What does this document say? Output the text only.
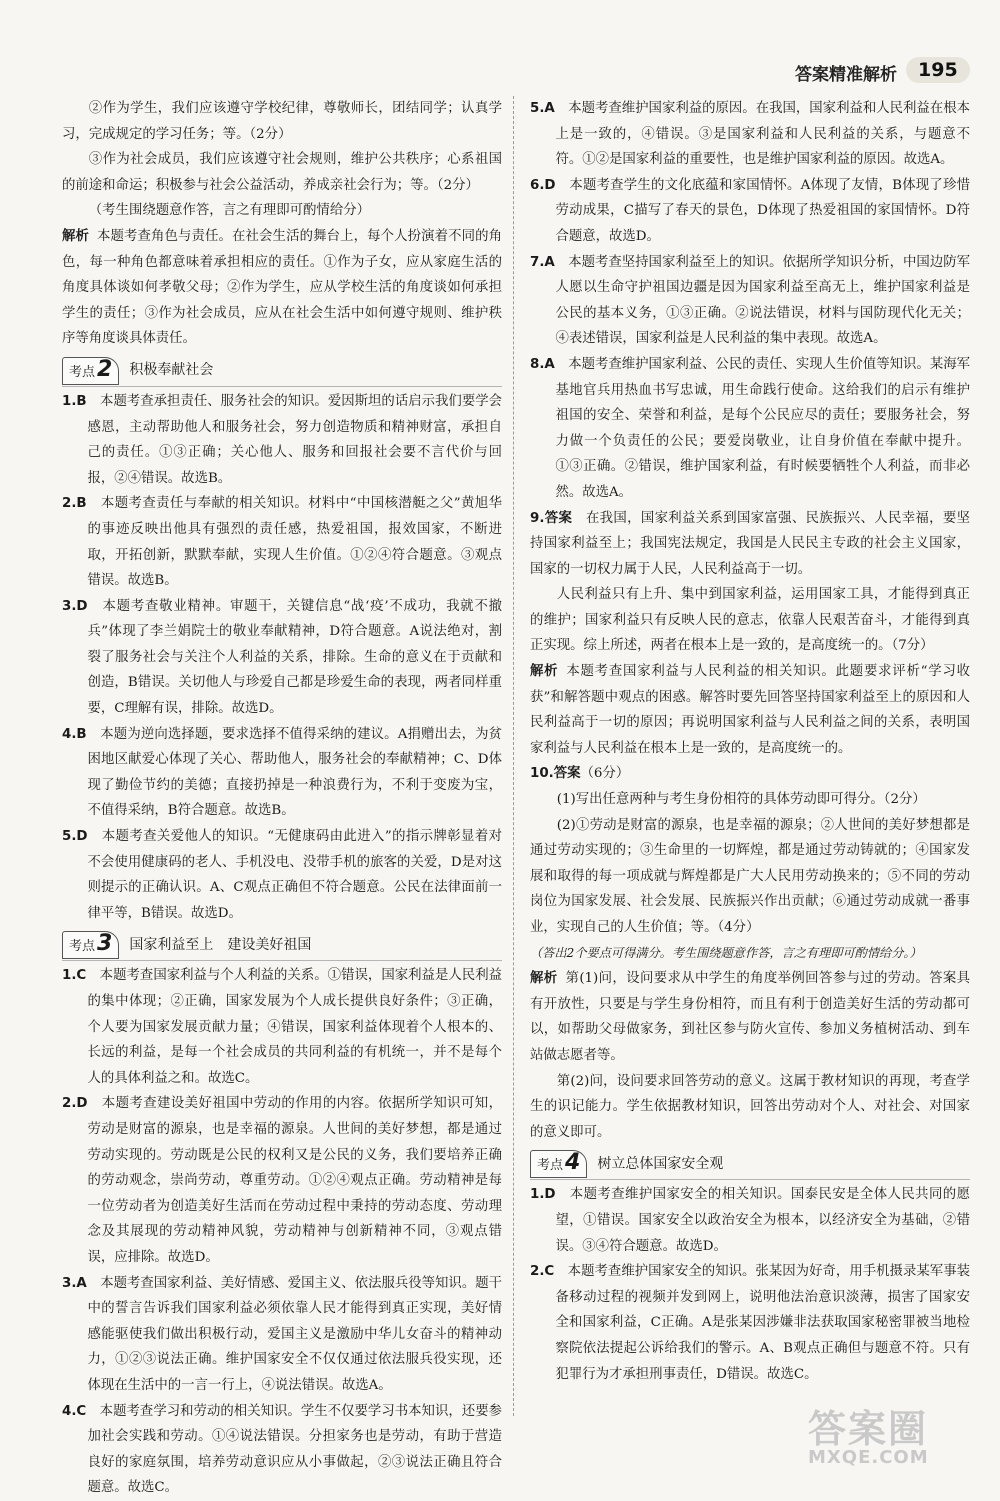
答案精准解析	195

②作为学生，我们应该遵守学校纪律，尊敬师长，团结同学；认真学习，完成规定的学习任务；等。（2分）

③作为社会成员，我们应该遵守社会规则，维护公共秩序；心系祖国的前途和命运；积极参与社会公益活动，养成亲社会行为；等。（2分）

（考生围绕题意作答，言之有理即可酌情给分）

解析 本题考查角色与责任。在社会生活的舞台上，每个人扮演着不同的角色，每一种角色都意味着承担相应的责任。①作为子女，应从家庭生活的角度具体谈如何孝敬父母；②作为学生，应从学校生活的角度谈如何承担学生的责任；③作为社会成员，应从在社会生活中如何遵守规则、维护秩序等角度谈具体责任。

考点 2 积极奉献社会

1.B　 本题考查承担责任、服务社会的知识。爱因斯坦的话启示我们要学会感恩，主动帮助他人和服务社会，努力创造物质和精神财富，承担自己的责任。①③正确；关心他人、服务和回报社会要不言代价与回报，②④错误。故选B。

2.B　 本题考查责任与奉献的相关知识。材料中“中国核潜艇之父”黄旭华的事迹反映出他具有强烈的责任感，热爱祖国，报效国家，不断进取，开拓创新，默默奉献，实现人生价值。①②④符合题意。③观点错误。故选B。

3.D　 本题考查敬业精神。审题干，关键信息“战‘疫’不成功，我就不撤兵”体现了李兰娟院士的敬业奉献精神，D符合题意。A说法绝对，割裂了服务社会与关注个人利益的关系，排除。生命的意义在于贡献和创造，B错误。关切他人与珍爱自己都是珍爱生命的表现，两者同样重要，C理解有误，排除。故选D。

4.B　 本题为逆向选择题，要求选择不值得采纳的建议。A捐赠出去，为贫困地区献爱心体现了关心、帮助他人，服务社会的奉献精神；C、D体现了勤俭节约的美德；直接扔掉是一种浪费行为，不利于变废为宝，不值得采纳，B符合题意。故选B。

5.D　 本题考查关爱他人的知识。“无健康码由此进入”的指示牌彰显着对不会使用健康码的老人、手机没电、没带手机的旅客的关爱，D是对这则提示的正确认识。A、C观点正确但不符合题意。公民在法律面前一律平等，B错误。故选D。

考点 3 国家利益至上　建设美好祖国

1.C　 本题考查国家利益与个人利益的关系。①错误，国家利益是人民利益的集中体现；②正确，国家发展为个人成长提供良好条件；③正确，个人要为国家发展贡献力量；④错误，国家利益体现着个人根本的、长远的利益，是每一个社会成员的共同利益的有机统一，并不是每个人的具体利益之和。故选C。

2.D　 本题考查建设美好祖国中劳动的作用的内容。依据所学知识可知，劳动是财富的源泉，也是幸福的源泉。人世间的美好梦想，都是通过劳动实现的。劳动既是公民的权利又是公民的义务，我们要培养正确的劳动观念，崇尚劳动，尊重劳动。①②④观点正确。劳动精神是每一位劳动者为创造美好生活而在劳动过程中秉持的劳动态度、劳动理念及其展现的劳动精神风貌，劳动精神与创新精神不同，③观点错误，应排除。故选D。

3.A　 本题考查国家利益、美好情感、爱国主义、依法服兵役等知识。题干中的誓言告诉我们国家利益必须依靠人民才能得到真正实现，美好情感能驱使我们做出积极行动，爱国主义是激励中华儿女奋斗的精神动力，①②③说法正确。维护国家安全不仅仅通过依法服兵役实现，还体现在生活中的一言一行上，④说法错误。故选A。

4.C　 本题考查学习和劳动的相关知识。学生不仅要学习书本知识，还要参加社会实践和劳动。①④说法错误。分担家务也是劳动，有助于营造良好的家庭氛围，培养劳动意识应从小事做起，②③说法正确且符合题意。故选C。

5.A　 本题考查维护国家利益的原因。在我国，国家利益和人民利益在根本上是一致的，④错误。③是国家利益和人民利益的关系，与题意不符。①②是国家利益的重要性，也是维护国家利益的原因。故选A。

6.D　 本题考查学生的文化底蕴和家国情怀。A体现了友情，B体现了珍惜劳动成果，C描写了春天的景色，D体现了热爱祖国的家国情怀。D符合题意，故选D。

7.A　 本题考查坚持国家利益至上的知识。依据所学知识分析，中国边防军人愿以生命守护祖国边疆是因为国家利益至高无上，维护国家利益是公民的基本义务，①③正确。②说法错误，材料与国防现代化无关；④表述错误，国家利益是人民利益的集中表现。故选A。

8.A　 本题考查维护国家利益、公民的责任、实现人生价值等知识。某海军基地官兵用热血书写忠诚，用生命践行使命。这给我们的启示有维护祖国的安全、荣誉和利益，是每个公民应尽的责任；要服务社会，努力做一个负责任的公民；要爱岗敬业，让自身价值在奉献中提升。①③正确。②错误，维护国家利益，有时候要牺牲个人利益，而非必然。故选A。

9.答案　 在我国，国家利益关系到国家富强、民族振兴、人民幸福，要坚持国家利益至上；我国宪法规定，我国是人民民主专政的社会主义国家，国家的一切权力属于人民，人民利益高于一切。

人民利益只有上升、集中到国家利益，运用国家工具，才能得到真正的维护；国家利益只有反映人民的意志，依靠人民艰苦奋斗，才能得到真正实现。综上所述，两者在根本上是一致的，是高度统一的。（7分）

解析 本题考查国家利益与人民利益的相关知识。此题要求评析“学习收获”和解答题中观点的困惑。解答时要先回答坚持国家利益至上的原因和人民利益高于一切的原因；再说明国家利益与人民利益之间的关系，表明国家利益与人民利益在根本上是一致的，是高度统一的。

10.答案（6分）

(1)写出任意两种与考生身份相符的具体劳动即可得分。（2分）

(2)①劳动是财富的源泉，也是幸福的源泉；②人世间的美好梦想都是通过劳动实现的；③生命里的一切辉煌，都是通过劳动铸就的；④国家发展和取得的每一项成就与辉煌都是广大人民用劳动换来的；⑤不同的劳动岗位为国家发展、社会发展、民族振兴作出贡献；⑥通过劳动成就一番事业，实现自己的人生价值；等。（4分）

（答出2个要点可得满分。考生围绕题意作答，言之有理即可酌情给分。）

解析 第(1)问，设问要求从中学生的角度举例回答参与过的劳动。答案具有开放性，只要是与学生身份相符，而且有利于创造美好生活的劳动都可以，如帮助父母做家务，到社区参与防火宣传、参加义务植树活动、到车站做志愿者等。

第(2)问，设问要求回答劳动的意义。这属于教材知识的再现，考查学生的识记能力。学生依据教材知识，回答出劳动对个人、对社会、对国家的意义即可。

考点 4 树立总体国家安全观

1.D　 本题考查维护国家安全的相关知识。国泰民安是全体人民共同的愿望，①错误。国家安全以政治安全为根本，以经济安全为基础，②错误。③④符合题意。故选D。

2.C　 本题考查维护国家安全的知识。张某因为好奇，用手机摄录某军事装备移动过程的视频并发到网上，说明他法治意识淡薄，损害了国家安全和国家利益，C正确。A是张某因涉嫌非法获取国家秘密罪被当地检察院依法提起公诉给我们的警示。A、B观点正确但与题意不符。只有犯罪行为才承担刑事责任，D错误。故选C。

答案圈
MXQE.COM
